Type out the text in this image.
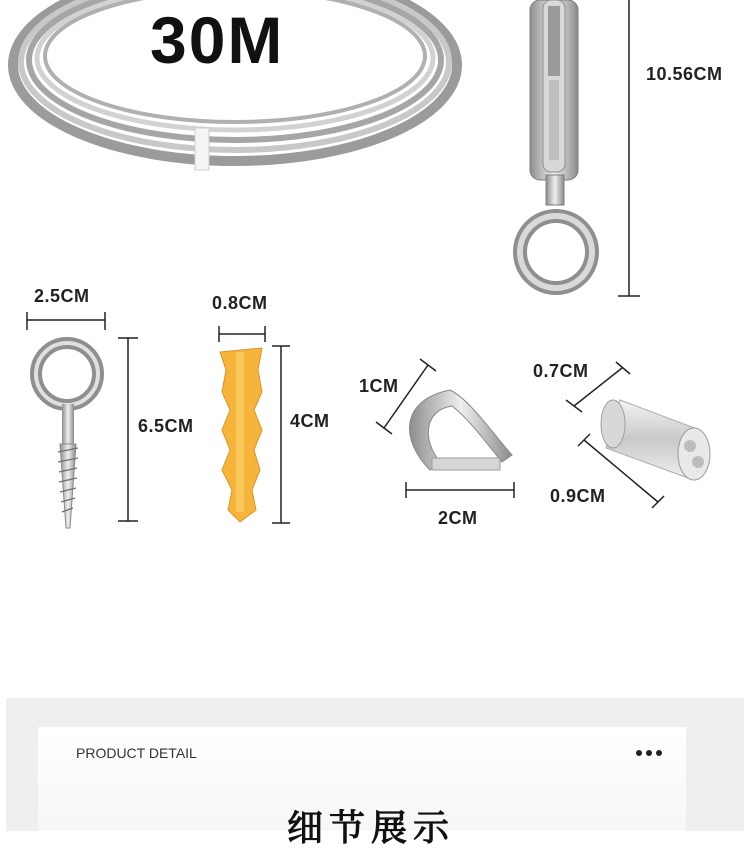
30M	10.56CM
2.5CM
6.5CM
0.8CM
4CM
1CM
2CM
0.7CM
0.9CM
PRODUCT DETAIL
细节展示
